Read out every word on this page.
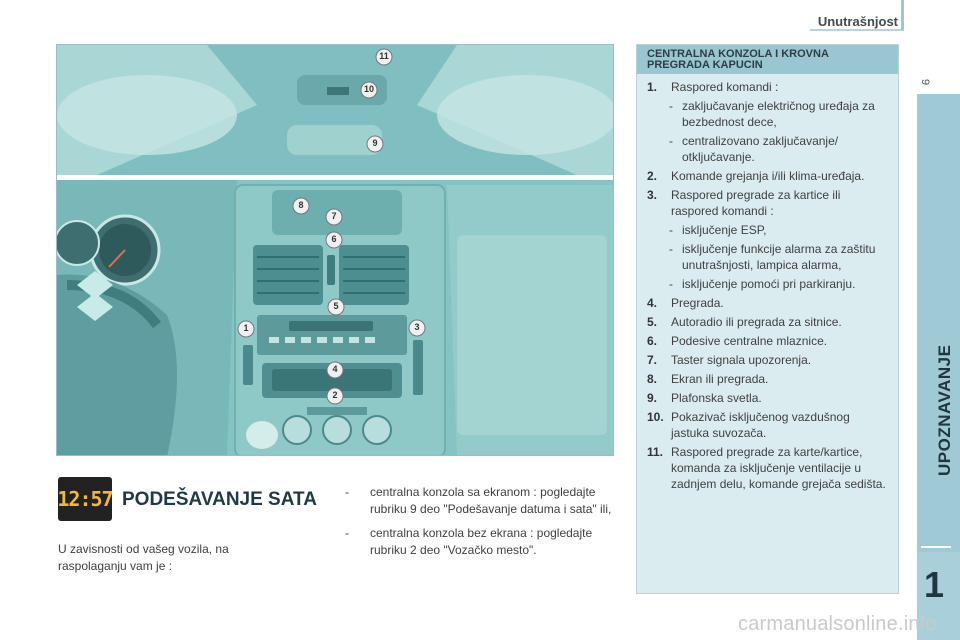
Unutrašnjost
9
UPOZNAVANJE
1
11
10
9
8
7
6
5
1	3
4
2
CENTRALNA KONZOLA I KROVNA PREGRADA KAPUCIN
1. Raspored komandi :
- zaključavanje električnog uređaja za bezbednost dece,
- centralizovano zaključavanje/ otključavanje.
2. Komande grejanja i/ili klima-uređaja.
3. Raspored pregrade za kartice ili raspored komandi :
- isključenje ESP,
- isključenje funkcije alarma za zaštitu unutrašnjosti, lampica alarma,
- isključenje pomoći pri parkiranju.
4. Pregrada.
5. Autoradio ili pregrada za sitnice.
6. Podesive centralne mlaznice.
7. Taster signala upozorenja.
8. Ekran ili pregrada.
9. Plafonska svetla.
10. Pokazivač isključenog vazdušnog jastuka suvozača.
11. Raspored pregrade za karte/kartice, komanda za isključenje ventilacije u zadnjem delu, komande grejača sedišta.
12:57 PODEŠAVANJE SATA
U zavisnosti od vašeg vozila, na raspolaganju vam je :
- centralna konzola sa ekranom : pogledajte rubriku 9 deo "Podešavanje datuma i sata" ili,
- centralna konzola bez ekrana : pogledajte rubriku 2 deo "Vozačko mesto".
carmanualsonline.info
